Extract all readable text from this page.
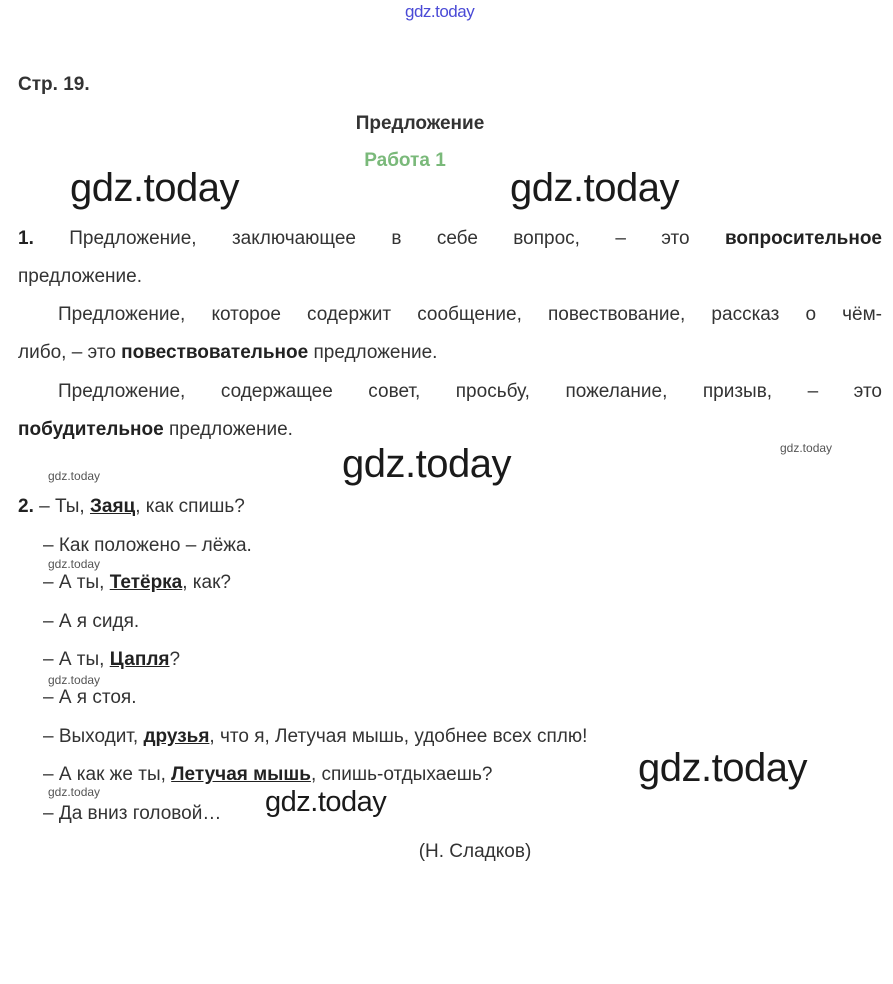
gdz.today
Стр. 19.
Предложение
Работа 1
gdz.today	gdz.today
gdz.today
gdz.today
gdz.today
gdz.today
gdz.today
gdz.today
gdz.today
gdz.today
1. Предложение, заключающее в себе вопрос, – это вопросительное
предложение.
Предложение, которое содержит сообщение, повествование, рассказ о чём-
либо, – это повествовательное предложение.
Предложение, содержащее совет, просьбу, пожелание, призыв, – это
побудительное предложение.
2. – Ты, Заяц, как спишь?
– Как положено – лёжа.
– А ты, Тетёрка, как?
– А я сидя.
– А ты, Цапля?
– А я стоя.
– Выходит, друзья, что я, Летучая мышь, удобнее всех сплю!
– А как же ты, Летучая мышь, спишь-отдыхаешь?
– Да вниз головой…
(Н. Сладков)
